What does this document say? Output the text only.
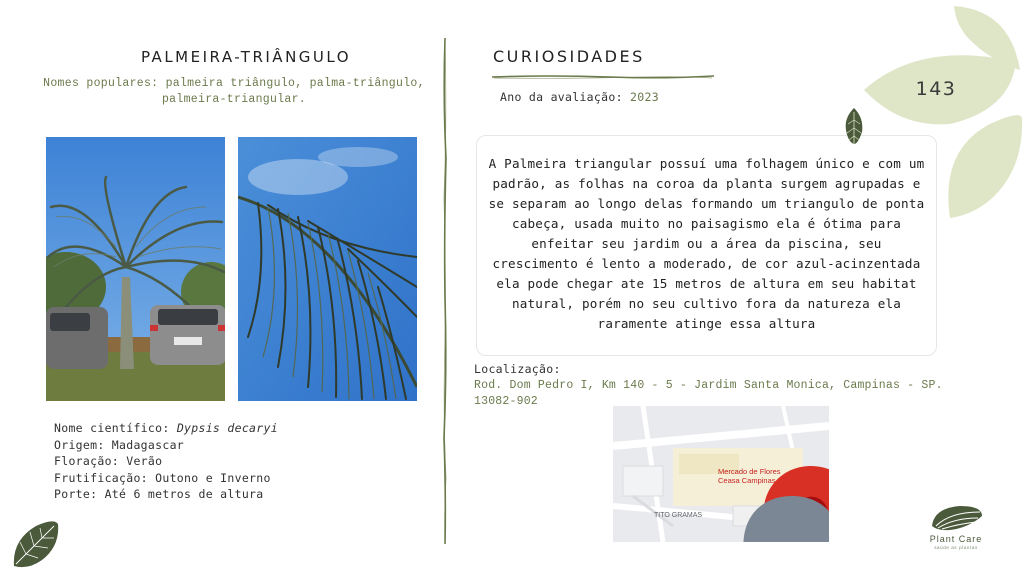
PALMEIRA-TRIÂNGULO
Nomes populares: palmeira triângulo, palma-triângulo, palmeira-triangular.
Nome científico: Dypsis decaryi
Origem: Madagascar
Floração: Verão
Frutificação: Outono e Inverno
Porte: Até 6 metros de altura
CURIOSIDADES
Ano da avaliação: 2023

A Palmeira triangular possuí uma folhagem único e com um padrão, as folhas na coroa da planta surgem agrupadas e se separam ao longo delas formando um triangulo de ponta cabeça, usada muito no paisagismo ela é ótima para enfeitar seu jardim ou a área da piscina, seu crescimento é lento a moderado, de cor azul-acinzentada ela pode chegar ate 15 metros de altura em seu habitat natural, porém no seu cultivo fora da natureza ela raramente atinge essa altura

Localização:
Rod. Dom Pedro I, Km 140 - 5 - Jardim Santa Monica, Campinas - SP. 13082-902
Mercado de Flores
Ceasa Campinas
TITO GRAMAS
143
Plant Care
saúde as plantas
